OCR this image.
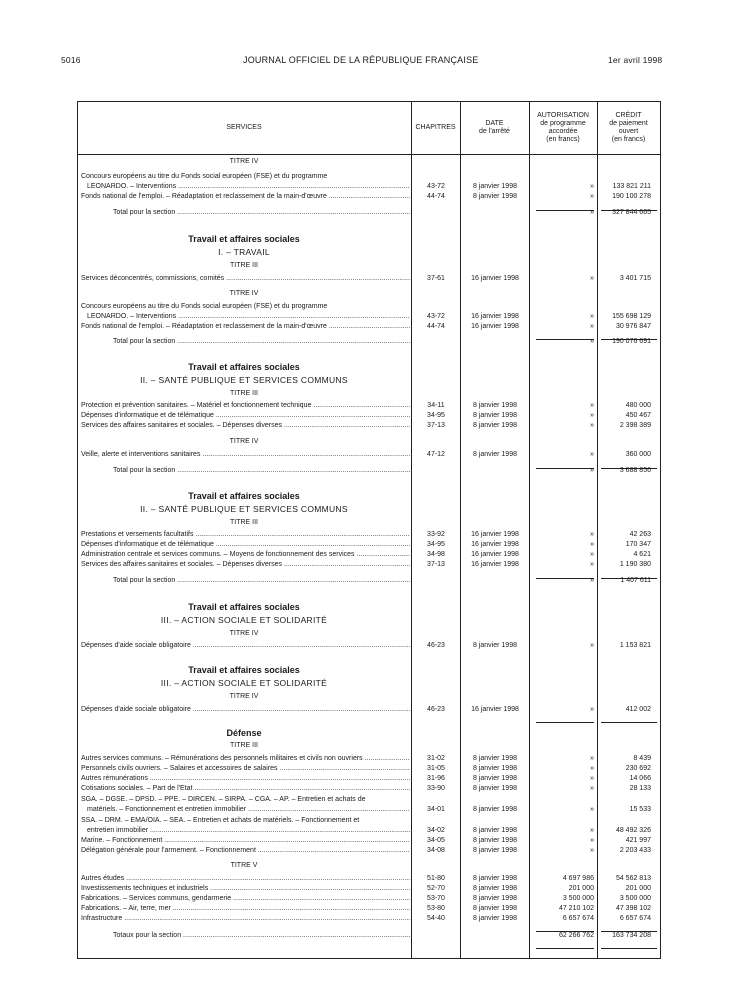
5016	JOURNAL OFFICIEL DE LA RÉPUBLIQUE FRANÇAISE	1er avril 1998
SERVICES	CHAPITRES
DATE
de l'arrêté
AUTORISATION
de programme
accordée
(en francs)
CRÉDIT
de paiement
ouvert
(en francs)
TITRE IV
Concours européens au titre du Fonds social européen (FSE) et du programme
LEONARDO. – Interventions .....	43-72	8 janvier 1998	»	133 821 211
Fonds national de l'emploi. – Réadaptation et reclassement de la main-d'œuvre .....	44-74	8 janvier 1998	»	190 100 278
Total pour la section .....	»	327 844 665
Travail et affaires sociales
I. – TRAVAIL
TITRE III
Services déconcentrés, commissions, comités .....	37-61	16 janvier 1998	»	3 401 715
TITRE IV
Concours européens au titre du Fonds social européen (FSE) et du programme
LEONARDO. – Interventions .....	43-72	16 janvier 1998	»	155 698 129
Fonds national de l'emploi. – Réadaptation et reclassement de la main-d'œuvre .....	44-74	16 janvier 1998	»	30 976 847
Total pour la section .....	»	190 076 691
Travail et affaires sociales
II. – SANTÉ PUBLIQUE ET SERVICES COMMUNS
TITRE III
Protection et prévention sanitaires. – Matériel et fonctionnement technique .....	34-11	8 janvier 1998	»	480 000
Dépenses d'informatique et de télématique .....	34-95	8 janvier 1998	»	450 467
Services des affaires sanitaires et sociales. – Dépenses diverses .....	37-13	8 janvier 1998	»	2 398 389
TITRE IV
Veille, alerte et interventions sanitaires .....	47-12	8 janvier 1998	»	360 000
Total pour la section .....	»	3 688 856
Travail et affaires sociales
II. – SANTÉ PUBLIQUE ET SERVICES COMMUNS
TITRE III
Prestations et versements facultatifs .....	33-92	16 janvier 1998	»	42 263
Dépenses d'informatique et de télématique .....	34-95	16 janvier 1998	»	170 347
Administration centrale et services communs. – Moyens de fonctionnement des services .....	34-98	16 janvier 1998	»	4 621
Services des affaires sanitaires et sociales. – Dépenses diverses .....	37-13	16 janvier 1998	»	1 190 380
Total pour la section .....	»	1 407 611
Travail et affaires sociales
III. – ACTION SOCIALE ET SOLIDARITÉ
TITRE IV
Dépenses d'aide sociale obligatoire .....	46-23	8 janvier 1998	»	1 153 821
Travail et affaires sociales
III. – ACTION SOCIALE ET SOLIDARITÉ
TITRE IV
Dépenses d'aide sociale obligatoire .....	46-23	16 janvier 1998	»	412 002
Défense
TITRE III
Autres services communs. – Rémunérations des personnels militaires et civils non ouvriers .....	31-02	8 janvier 1998	»	8 439
Personnels civils ouvriers. – Salaires et accessoires de salaires .....	31-05	8 janvier 1998	»	230 692
Autres rémunérations .....	31-96	8 janvier 1998	»	14 066
Cotisations sociales. – Part de l'Etat .....	33-90	8 janvier 1998	»	28 133
SGA. – DGSE. – DPSD. – PPE. – DIRCEN. – SIRPA. – CGA. – AP. – Entretien et achats de
matériels. – Fonctionnement et entretien immobilier .....	34-01	8 janvier 1998	»	15 533
SSA. – DRM. – EMA/OIA. – SEA. – Entretien et achats de matériels. – Fonctionnement et
entretien immobilier .....	34-02	8 janvier 1998	»	48 492 326
Marine. – Fonctionnement .....	34-05	8 janvier 1998	»	421 997
Délégation générale pour l'armement. – Fonctionnement .....	34-08	8 janvier 1998	»	2 203 433
TITRE V
Autres études .....	51-80	8 janvier 1998	4 697 986	54 562 813
Investissements techniques et industriels .....	52-70	8 janvier 1998	201 000	201 000
Fabrications. – Services communs, gendarmerie .....	53-70	8 janvier 1998	3 500 000	3 500 000
Fabrications. – Air, terre, mer .....	53-80	8 janvier 1998	47 210 102	47 398 102
Infrastructure .....	54-40	8 janvier 1998	6 657 674	6 657 674
Totaux pour la section .....	62 266 762	163 734 208
